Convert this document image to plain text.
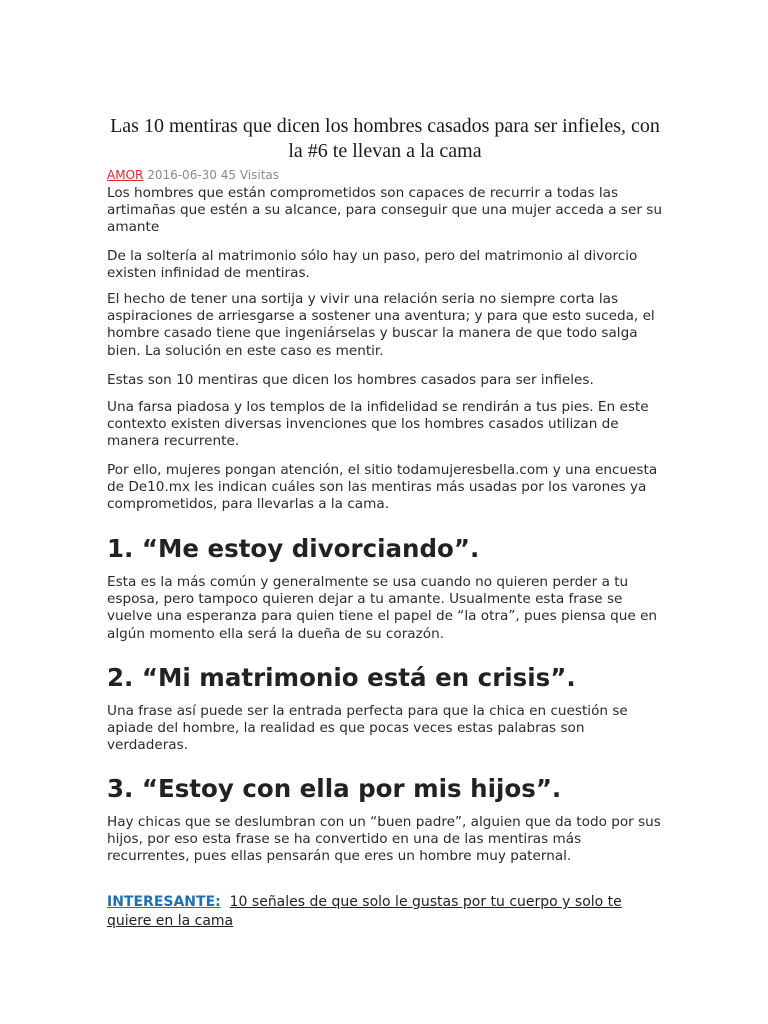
Las 10 mentiras que dicen los hombres casados para ser infieles, con la #6 te llevan a la cama
AMOR 2016-06-30 45 Visitas

Los hombres que están comprometidos son capaces de recurrir a todas las artimañas que estén a su alcance, para conseguir que una mujer acceda a ser su amante

De la soltería al matrimonio sólo hay un paso, pero del matrimonio al divorcio existen infinidad de mentiras.

El hecho de tener una sortija y vivir una relación seria no siempre corta las aspiraciones de arriesgarse a sostener una aventura; y para que esto suceda, el hombre casado tiene que ingeniárselas y buscar la manera de que todo salga bien. La solución en este caso es mentir.

Estas son 10 mentiras que dicen los hombres casados para ser infieles.

Una farsa piadosa y los templos de la infidelidad se rendirán a tus pies. En este contexto existen diversas invenciones que los hombres casados utilizan de manera recurrente.

Por ello, mujeres pongan atención, el sitio todamujeresbella.com y una encuesta de De10.mx les indican cuáles son las mentiras más usadas por los varones ya comprometidos, para llevarlas a la cama.

1. “Me estoy divorciando”.

Esta es la más común y generalmente se usa cuando no quieren perder a tu esposa, pero tampoco quieren dejar a tu amante. Usualmente esta frase se vuelve una esperanza para quien tiene el papel de “la otra”, pues piensa que en algún momento ella será la dueña de su corazón.

2. “Mi matrimonio está en crisis”.

Una frase así puede ser la entrada perfecta para que la chica en cuestión se apiade del hombre, la realidad es que pocas veces estas palabras son verdaderas.

3. “Estoy con ella por mis hijos”.

Hay chicas que se deslumbran con un “buen padre”, alguien que da todo por sus hijos, por eso esta frase se ha convertido en una de las mentiras más recurrentes, pues ellas pensarán que eres un hombre muy paternal.

INTERESANTE: 10 señales de que solo le gustas por tu cuerpo y solo te quiere en la cama
